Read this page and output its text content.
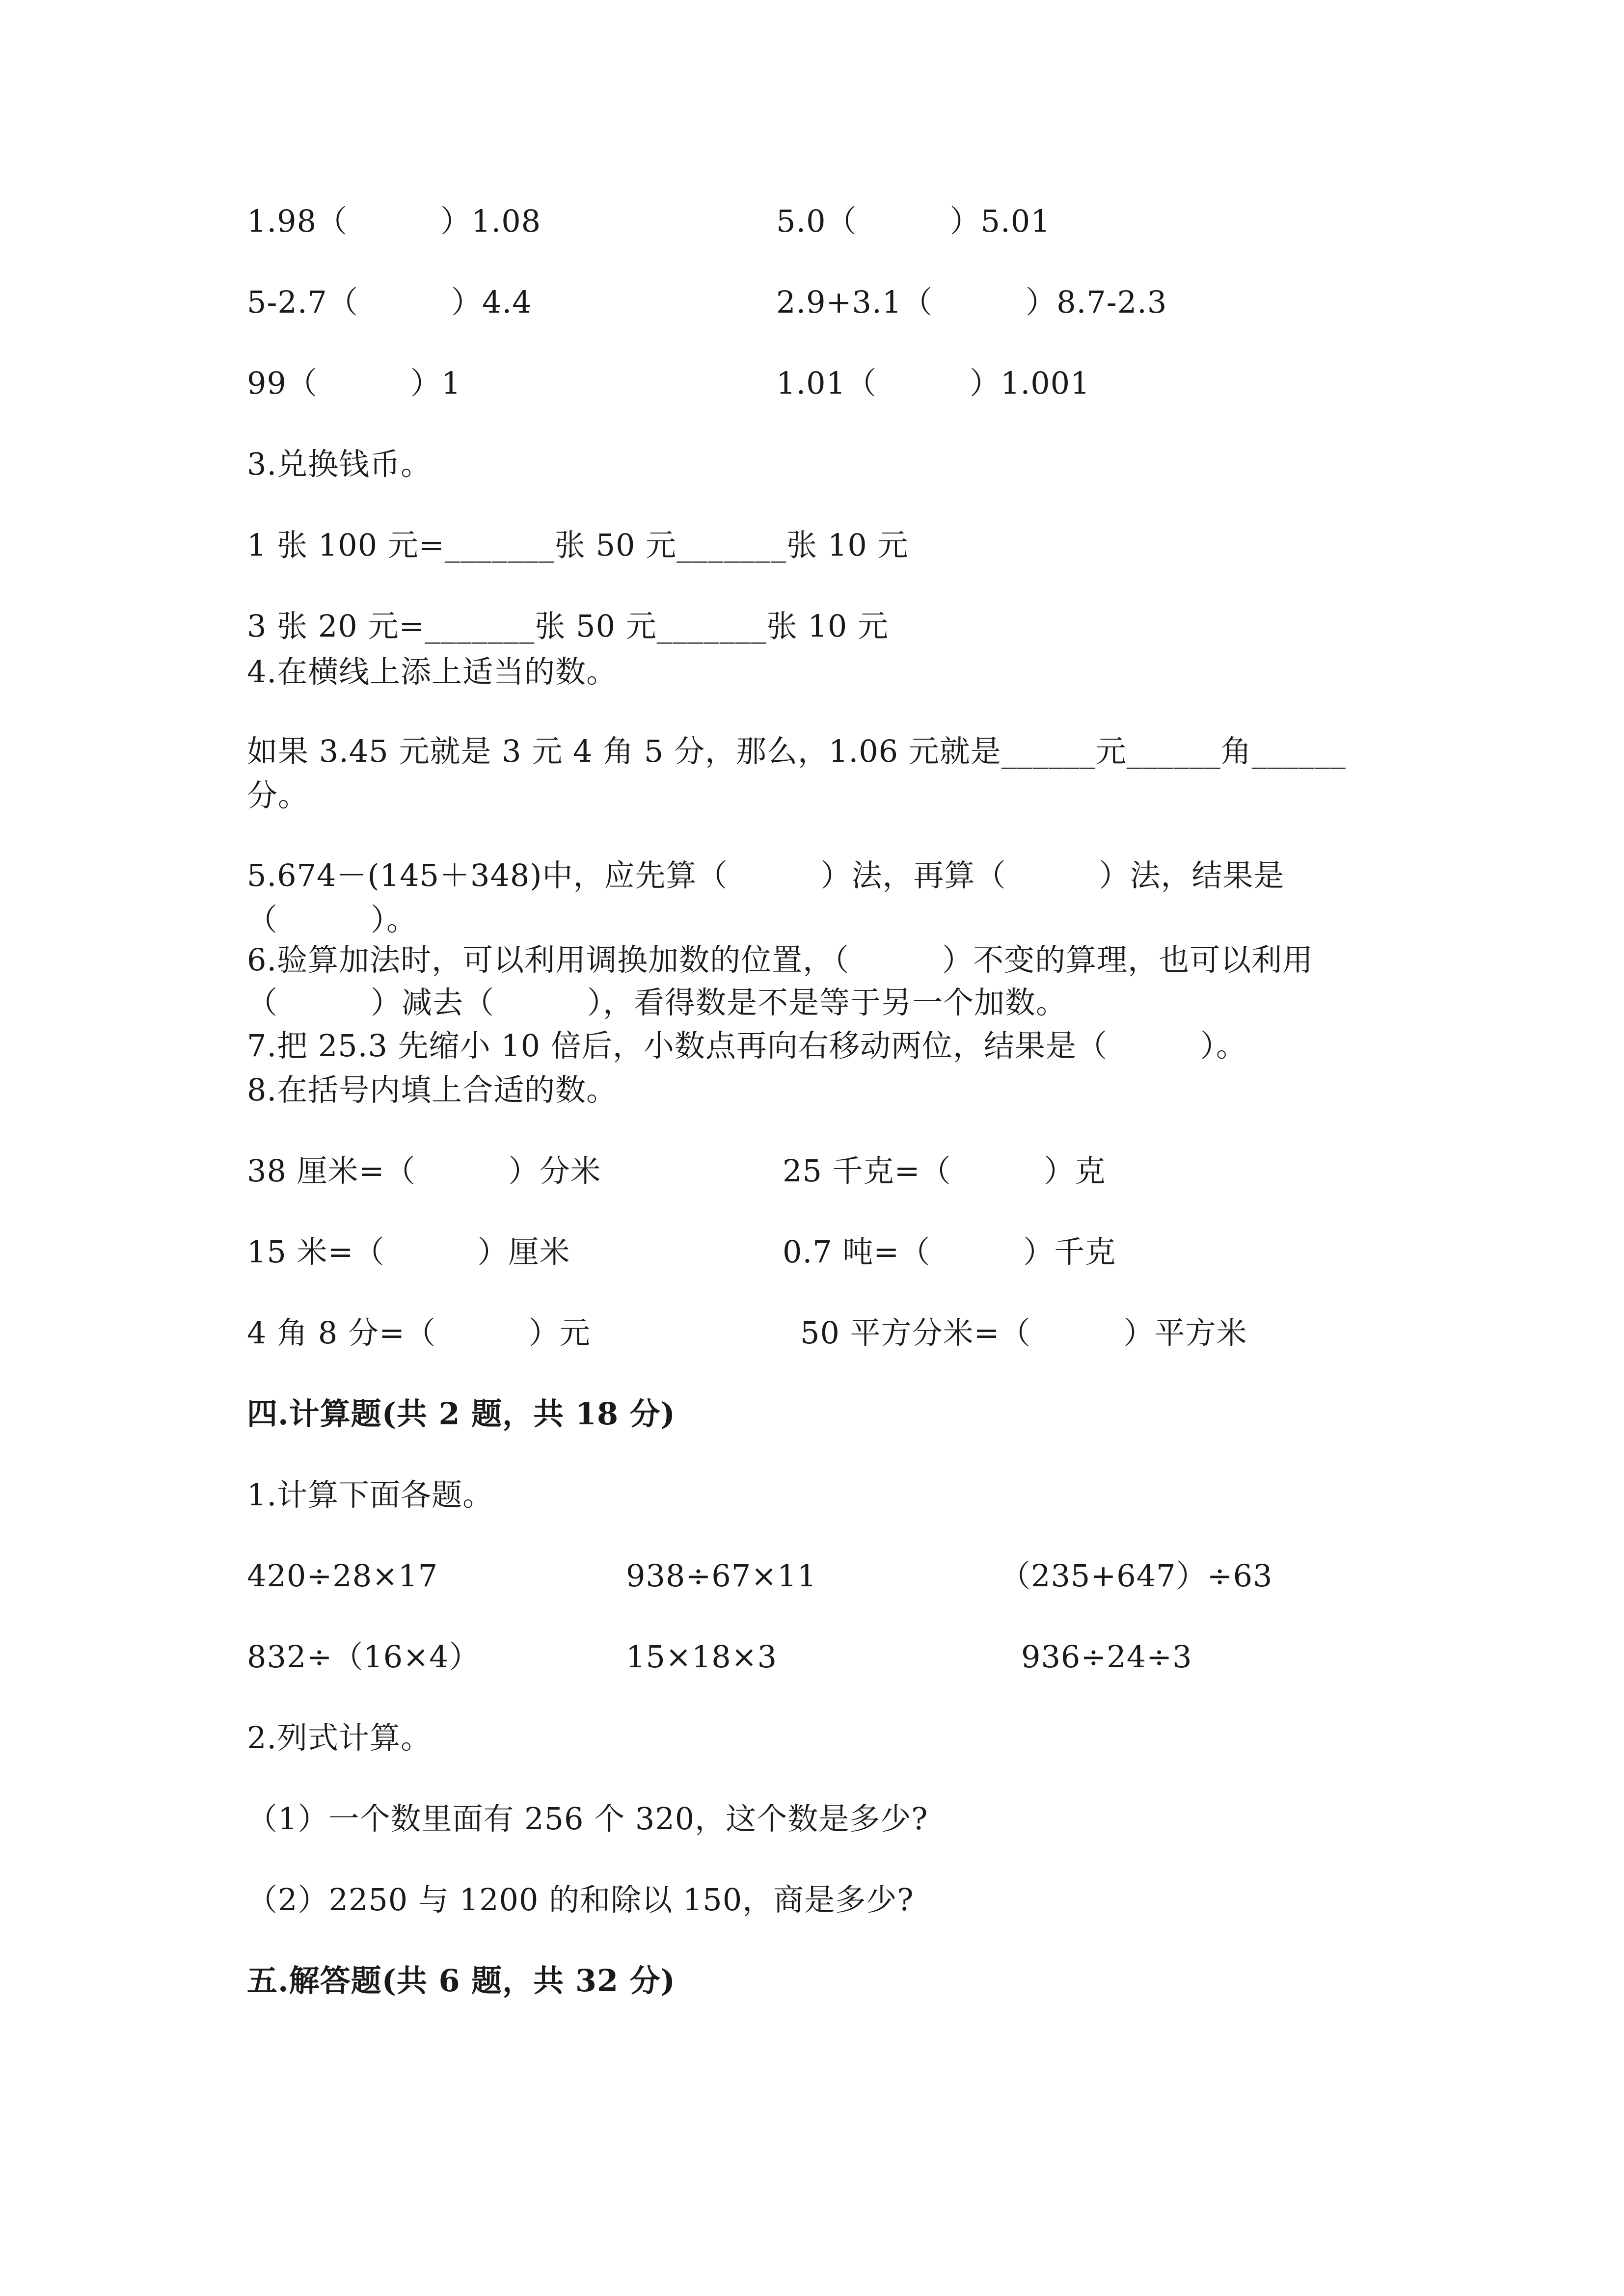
1.98（　　　）1.08	5.0（　　　）5.01
5-2.7（　　　）4.4	2.9+3.1（　　　）8.7-2.3
99（　　　）1	1.01（　　　）1.001
3.兑换钱币。
1 张 100 元=_______张 50 元_______张 10 元
3 张 20 元=_______张 50 元_______张 10 元
4.在横线上添上适当的数。
如果 3.45 元就是 3 元 4 角 5 分，那么，1.06 元就是______元______角______
分。
5.674－(145＋348)中，应先算（　　　）法，再算（　　　）法，结果是
（　　　）。
6.验算加法时，可以利用调换加数的位置，（　　　）不变的算理，也可以利用
（　　　）减去（　　　），看得数是不是等于另一个加数。
7.把 25.3 先缩小 10 倍后，小数点再向右移动两位，结果是（　　　）。
8.在括号内填上合适的数。
38 厘米=（　　　）分米	25 千克=（　　　）克
15 米=（　　　）厘米	0.7 吨=（　　　）千克
4 角 8 分=（　　　）元	50 平方分米=（　　　）平方米
四.计算题(共 2 题，共 18 分)
1.计算下面各题。
420÷28×17	938÷67×11	（235+647）÷63
832÷（16×4）	15×18×3	936÷24÷3
2.列式计算。
（1）一个数里面有 256 个 320，这个数是多少?
（2）2250 与 1200 的和除以 150，商是多少?
五.解答题(共 6 题，共 32 分)
